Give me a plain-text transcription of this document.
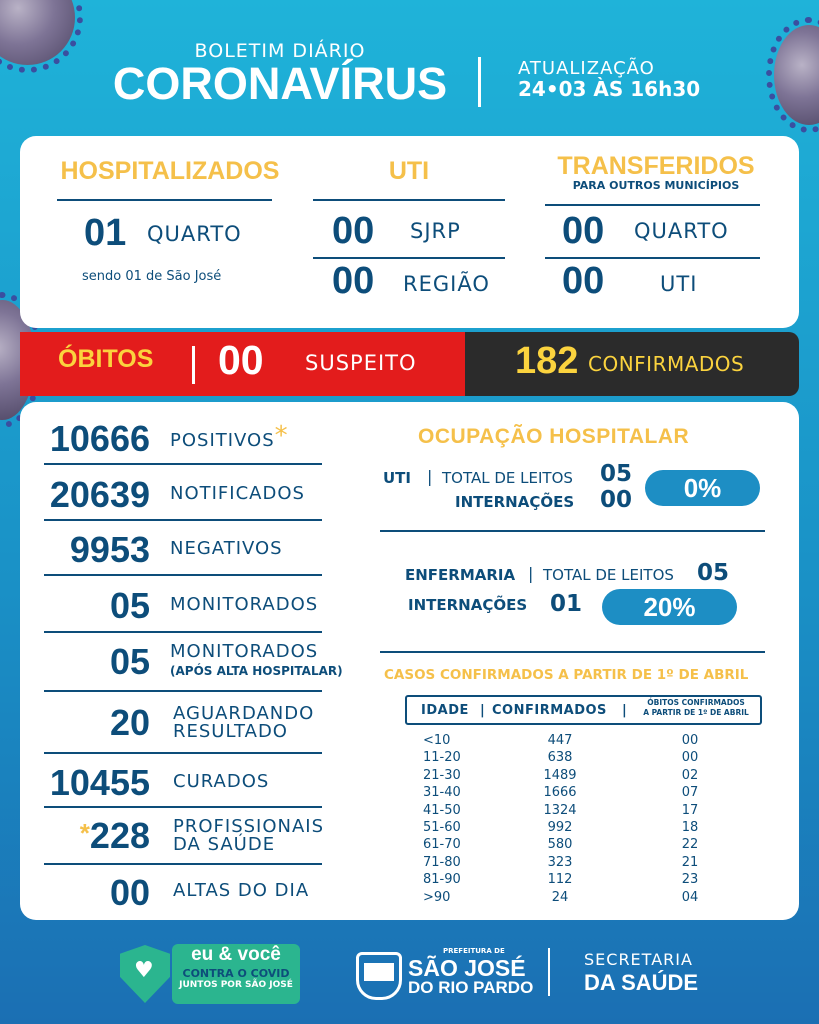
BOLETIM DIÁRIO
CORONAVÍRUS	ATUALIZAÇÃO
24•03 ÀS 16h30
HOSPITALIZADOS
01 QUARTO
sendo 01 de São José
UTI
00 SJRP
00 REGIÃO
TRANSFERIDOS
PARA OUTROS MUNICÍPIOS
00 QUARTO
00	UTI
ÓBITOS 00 SUSPEITO	182 CONFIRMADOS
10666 POSITIVOS*
20639 NOTIFICADOS
9953 NEGATIVOS
05 MONITORADOS
05 MONITORADOS
(APÓS ALTA HOSPITALAR)
20 AGUARDANDO
RESULTADO
10455 CURADOS
*228 PROFISSIONAIS
DA SAÚDE
00 ALTAS DO DIA
OCUPAÇÃO HOSPITALAR
UTI | TOTAL DE LEITOS 05
INTERNAÇÕES 00	0%
ENFERMARIA | TOTAL DE LEITOS 05
INTERNAÇÕES 01	20%
CASOS CONFIRMADOS A PARTIR DE 1º DE ABRIL
IDADE | CONFIRMADOS |
ÓBITOS CONFIRMADOS
A PARTIR DE 1º DE ABRIL
<10	447	00
11-20	638	00
21-30	1489	02
31-40	1666	07
41-50	1324	17
51-60	992	18
61-70	580	22
71-80	323	21
81-90	112	23
>90	24	04
♥
eu & você
CONTRA O COVID
JUNTOS POR SÃO JOSÉ
PREFEITURA DE
SÃO JOSÉ
DO RIO PARDO
SECRETARIA
DA SAÚDE
